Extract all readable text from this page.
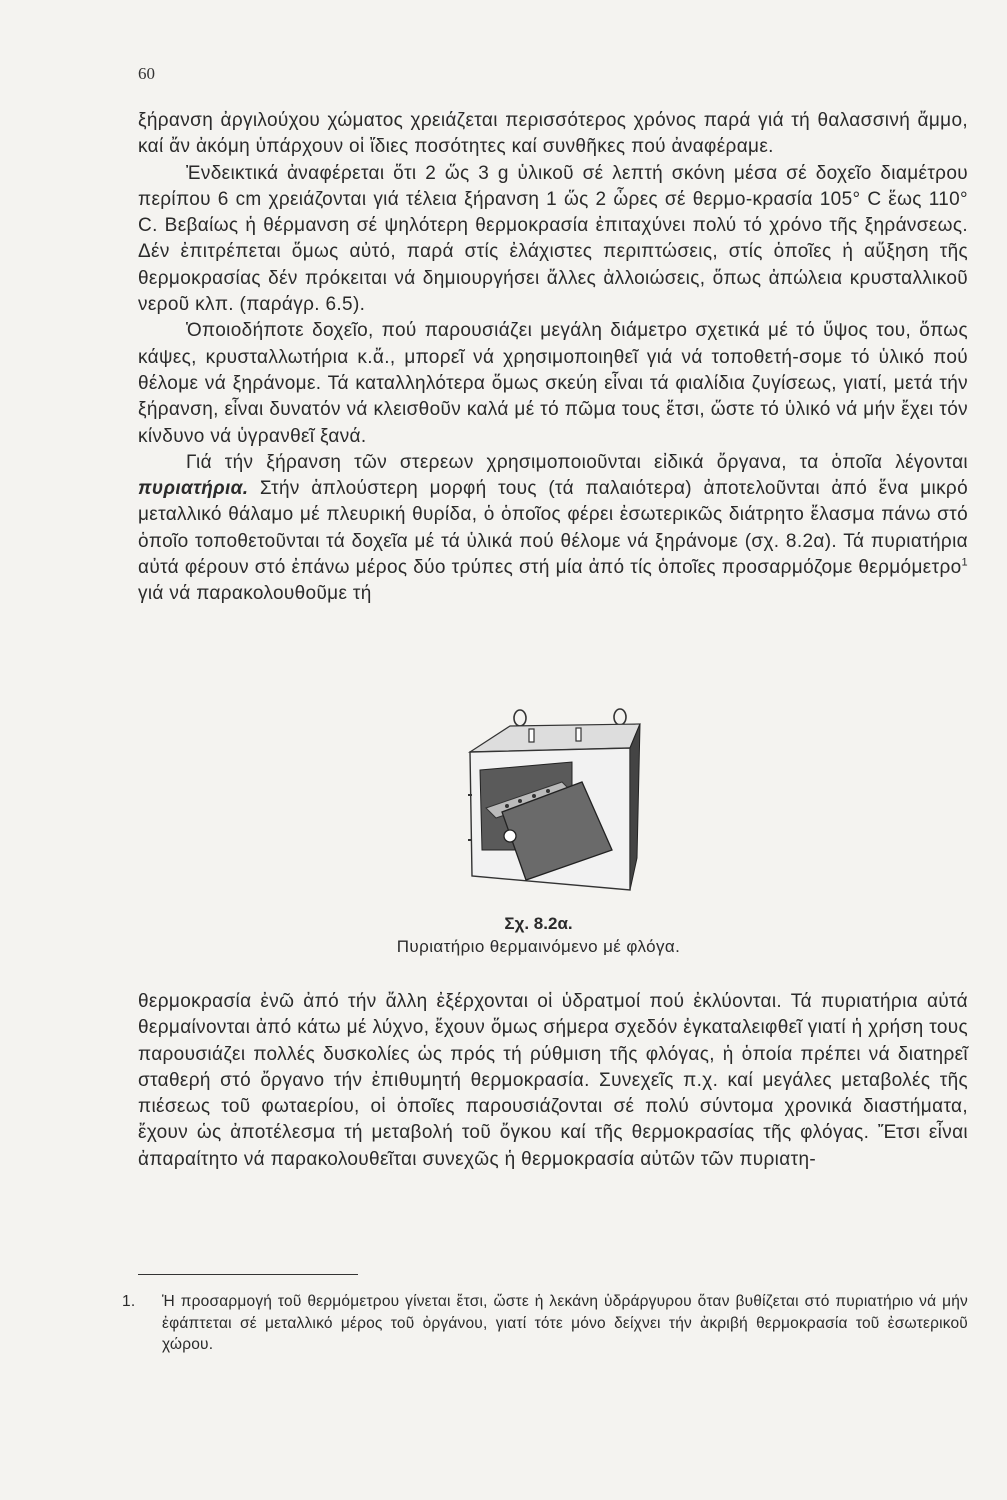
60

ξήρανση ἀργιλούχου χώματος χρειάζεται περισσότερος χρόνος παρά γιά τή θαλασσινή ἄμμο, καί ἄν ἀκόμη ὑπάρχουν οἱ ἴδιες ποσότητες καί συνθῆκες πού ἀναφέραμε.

Ἐνδεικτικά ἀναφέρεται ὅτι 2 ὥς 3 g ὑλικοῦ σέ λεπτή σκόνη μέσα σέ δοχεῖο διαμέτρου περίπου 6 cm χρειάζονται γιά τέλεια ξήρανση 1 ὥς 2 ὧρες σέ θερμο-κρασία 105° C ἕως 110° C. Βεβαίως ἡ θέρμανση σέ ψηλότερη θερμοκρασία ἐπιταχύνει πολύ τό χρόνο τῆς ξηράνσεως. Δέν ἐπιτρέπεται ὅμως αὐτό, παρά στίς ἐλάχιστες περιπτώσεις, στίς ὁποῖες ἡ αὔξηση τῆς θερμοκρασίας δέν πρόκειται νά δημιουργήσει ἄλλες ἀλλοιώσεις, ὅπως ἀπώλεια κρυσταλλικοῦ νεροῦ κλπ. (παράγρ. 6.5).

Ὁποιοδήποτε δοχεῖο, πού παρουσιάζει μεγάλη διάμετρο σχετικά μέ τό ὕψος του, ὅπως κάψες, κρυσταλλωτήρια κ.ἄ., μπορεῖ νά χρησιμοποιηθεῖ γιά νά τοποθετή-σομε τό ὑλικό πού θέλομε νά ξηράνομε. Τά καταλληλότερα ὅμως σκεύη εἶναι τά φιαλίδια ζυγίσεως, γιατί, μετά τήν ξήρανση, εἶναι δυνατόν νά κλεισθοῦν καλά μέ τό πῶμα τους ἔτσι, ὥστε τό ὑλικό νά μήν ἔχει τόν κίνδυνο νά ὑγρανθεῖ ξανά.

Γιά τήν ξήρανση τῶν στερεων χρησιμοποιοῦνται εἰδικά ὄργανα, τα ὁποῖα λέγονται πυριατήρια. Στήν ἁπλούστερη μορφή τους (τά παλαιότερα) ἀποτελοῦνται ἀπό ἕνα μικρό μεταλλικό θάλαμο μέ πλευρική θυρίδα, ὁ ὁποῖος φέρει ἐσωτερικῶς διάτρητο ἔλασμα πάνω στό ὁποῖο τοποθετοῦνται τά δοχεῖα μέ τά ὑλικά πού θέλομε νά ξηράνομε (σχ. 8.2α). Τά πυριατήρια αὐτά φέρουν στό ἐπάνω μέρος δύο τρύπες στή μία ἀπό τίς ὁποῖες προσαρμόζομε θερμόμετρο$^1$ γιά νά παρακολουθοῦμε τή

Σχ. 8.2α.
Πυριατήριο θερμαινόμενο μέ φλόγα.

θερμοκρασία ἐνῶ ἀπό τήν ἄλλη ἐξέρχονται οἱ ὑδρατμοί πού ἐκλύονται. Τά πυριατήρια αὐτά θερμαίνονται ἀπό κάτω μέ λύχνο, ἔχουν ὅμως σήμερα σχεδόν ἐγκαταλειφθεῖ γιατί ἡ χρήση τους παρουσιάζει πολλές δυσκολίες ὡς πρός τή ρύθμιση τῆς φλόγας, ἡ ὁποία πρέπει νά διατηρεῖ σταθερή στό ὄργανο τήν ἐπιθυμητή θερμοκρασία. Συνεχεῖς π.χ. καί μεγάλες μεταβολές τῆς πιέσεως τοῦ φωταερίου, οἱ ὁποῖες παρουσιάζονται σέ πολύ σύντομα χρονικά διαστήματα, ἔχουν ὡς ἀποτέλεσμα τή μεταβολή τοῦ ὄγκου καί τῆς θερμοκρασίας τῆς φλόγας. Ἔτσι εἶναι ἀπαραίτητο νά παρακολουθεῖται συνεχῶς ἡ θερμοκρασία αὐτῶν τῶν πυριατη-

1. Ἡ προσαρμογή τοῦ θερμόμετρου γίνεται ἔτσι, ὥστε ἡ λεκάνη ὑδράργυρου ὅταν βυθίζεται στό πυριατήριο νά μήν ἐφάπτεται σέ μεταλλικό μέρος τοῦ ὀργάνου, γιατί τότε μόνο δείχνει τήν ἀκριβή θερμοκρασία τοῦ ἐσωτερικοῦ χώρου.
